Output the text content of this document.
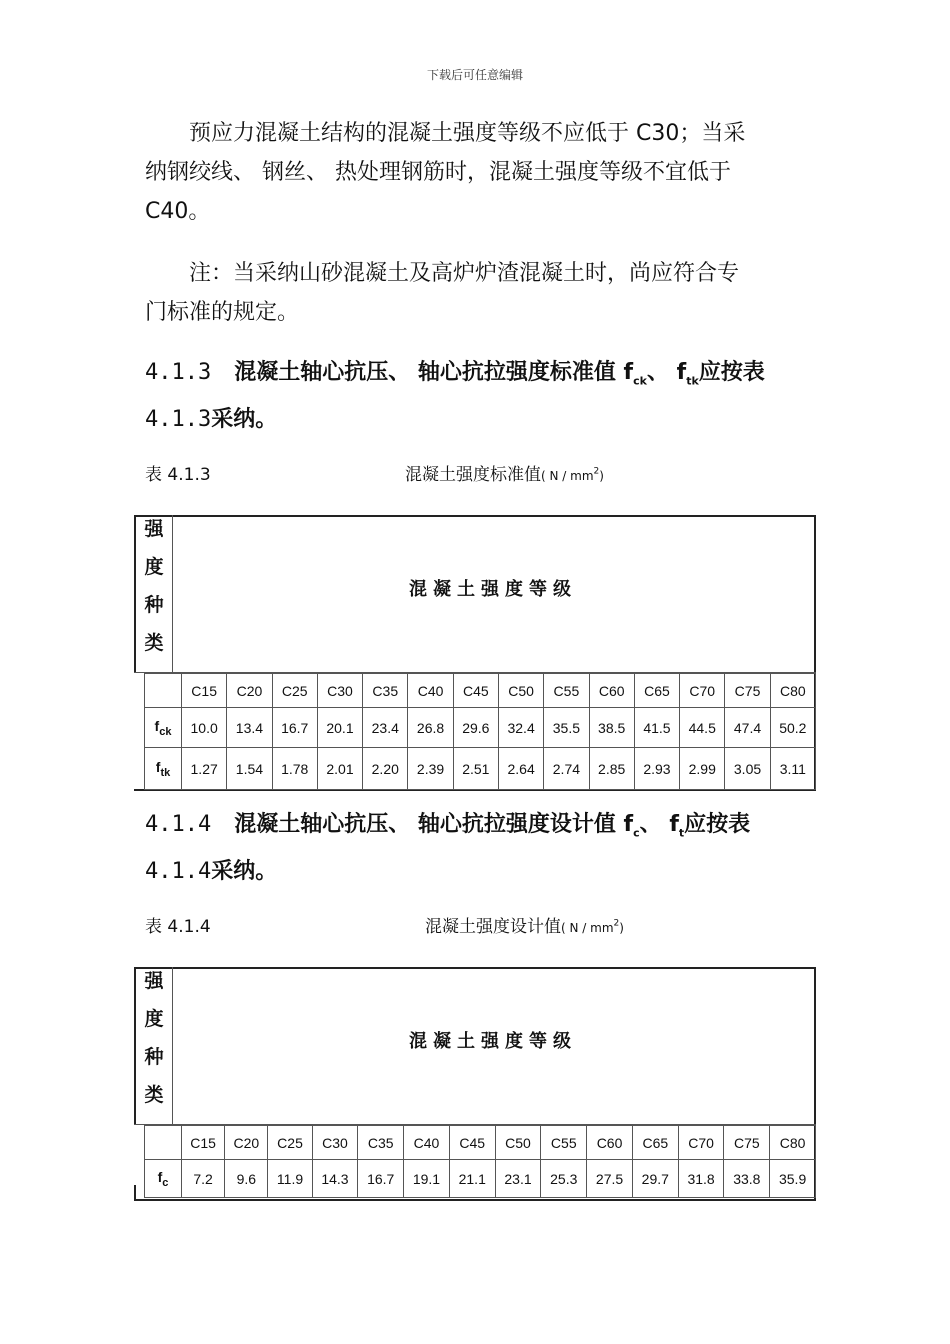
下载后可任意编辑
预应力混凝土结构的混凝土强度等级不应低于 C30；当采
纳钢绞线、 钢丝、 热处理钢筋时，混凝土强度等级不宜低于
C40。
注：当采纳山砂混凝土及高炉炉渣混凝土时，尚应符合专
门标准的规定。
4.1.3 混凝土轴心抗压、 轴心抗拉强度标准值 $f_{ck}$、 $f_{tk}$应按表
4.1.3采纳。
表 4.1.3	混凝土强度标准值( N / $mm^2$)
强
度
种
类
混凝土强度等级
	C15	C20	C25	C30	C35	C40	C45	C50	C55	C60	C65	C70	C75	C80
$f_{ck}$	10.0	13.4	16.7	20.1	23.4	26.8	29.6	32.4	35.5	38.5	41.5	44.5	47.4	50.2
$f_{tk}$	1.27	1.54	1.78	2.01	2.20	2.39	2.51	2.64	2.74	2.85	2.93	2.99	3.05	3.11
4.1.4 混凝土轴心抗压、 轴心抗拉强度设计值 $f_c$、 $f_t$应按表
4.1.4采纳。
表 4.1.4	混凝土强度设计值( N / $mm^2$)
强
度
种
类
混凝土强度等级
	C15	C20	C25	C30	C35	C40	C45	C50	C55	C60	C65	C70	C75	C80
$f_c$	7.2	9.6	11.9	14.3	16.7	19.1	21.1	23.1	25.3	27.5	29.7	31.8	33.8	35.9
